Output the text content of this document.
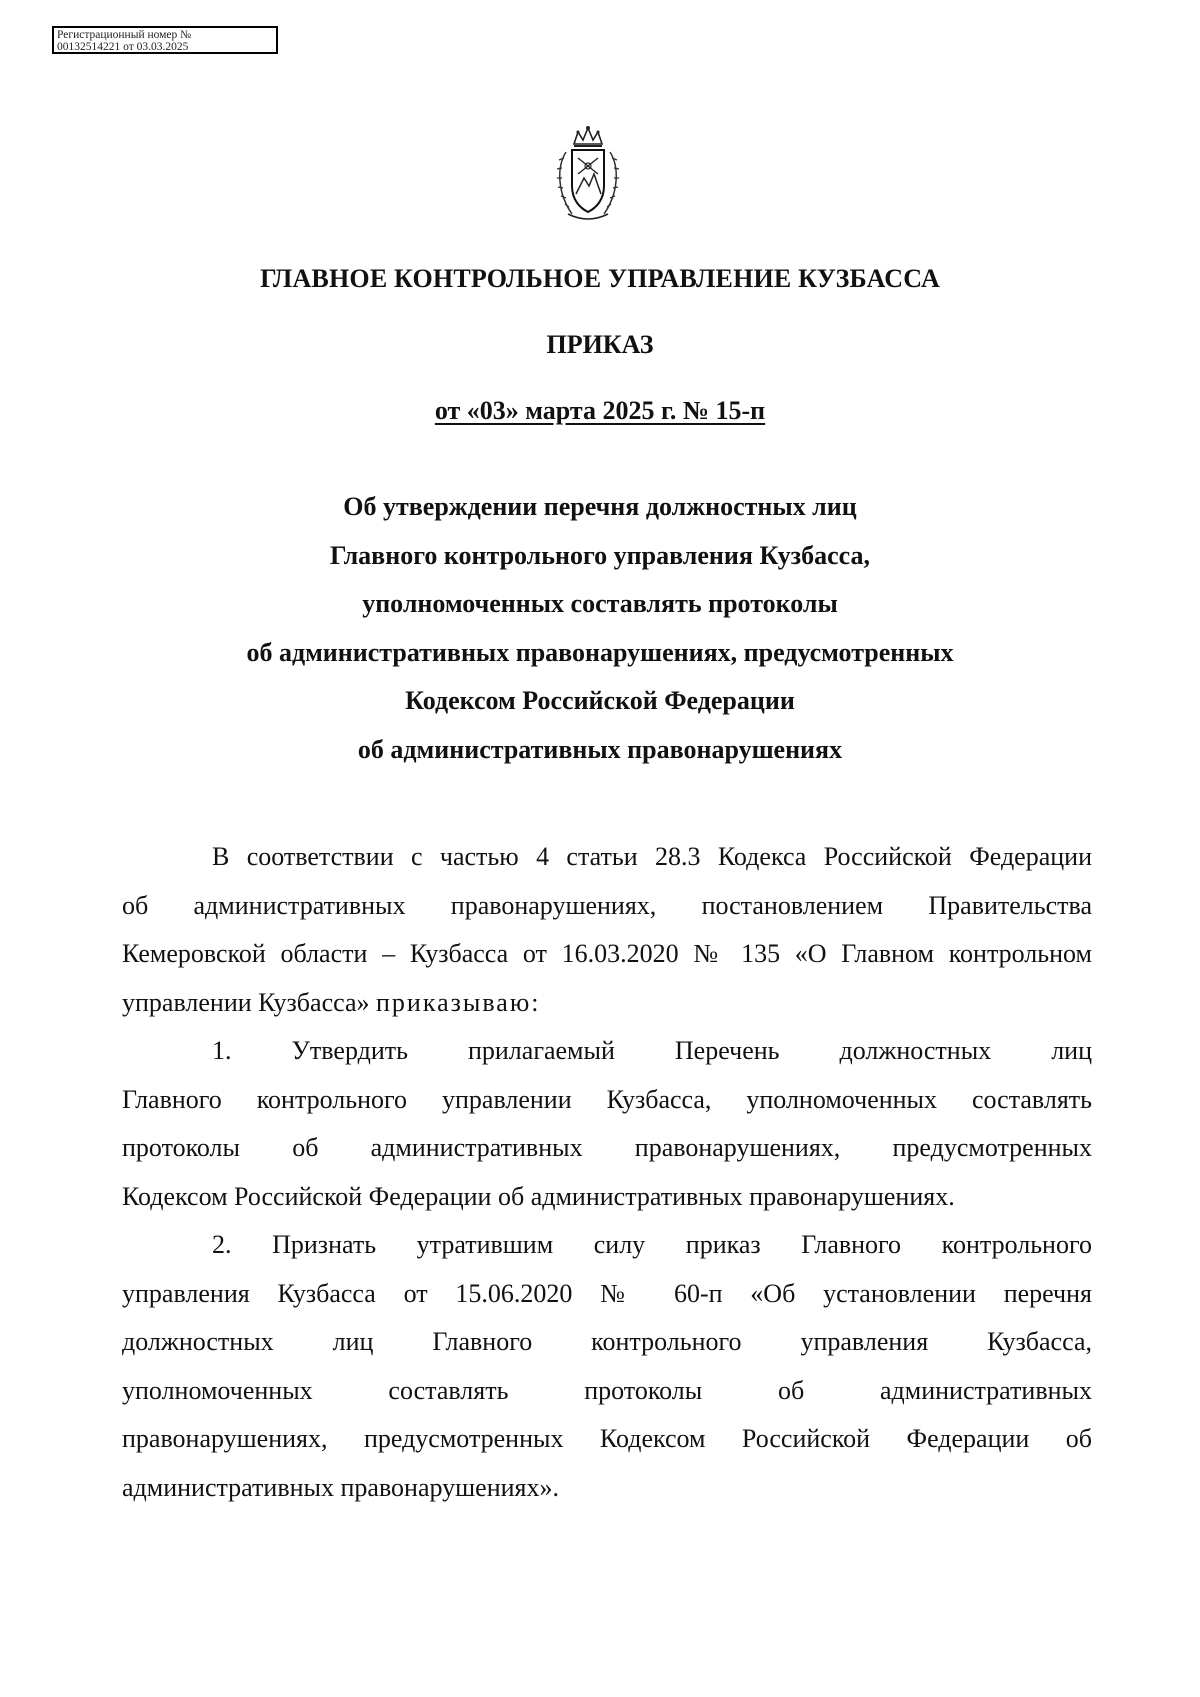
Регистрационный номер №
00132514221 от 03.03.2025
ГЛАВНОЕ КОНТРОЛЬНОЕ УПРАВЛЕНИЕ КУЗБАССА
ПРИКАЗ
от «03» марта 2025 г. № 15-п
Об утверждении перечня должностных лиц
Главного контрольного управления Кузбасса,
уполномоченных составлять протоколы
об административных правонарушениях, предусмотренных
Кодексом Российской Федерации
об административных правонарушениях
В соответствии с частью 4 статьи 28.3 Кодекса Российской Федерации
об административных правонарушениях, постановлением Правительства
Кемеровской области – Кузбасса от 16.03.2020 № 135 «О Главном контрольном
управлении Кузбасса» приказываю:
1. Утвердить прилагаемый Перечень должностных лиц
Главного контрольного управлении Кузбасса, уполномоченных составлять
протоколы об административных правонарушениях, предусмотренных
Кодексом Российской Федерации об административных правонарушениях.
2. Признать утратившим силу приказ Главного контрольного
управления Кузбасса от 15.06.2020 № 60-п «Об установлении перечня
должностных лиц Главного контрольного управления Кузбасса,
уполномоченных составлять протоколы об административных
правонарушениях, предусмотренных Кодексом Российской Федерации об
административных правонарушениях».
